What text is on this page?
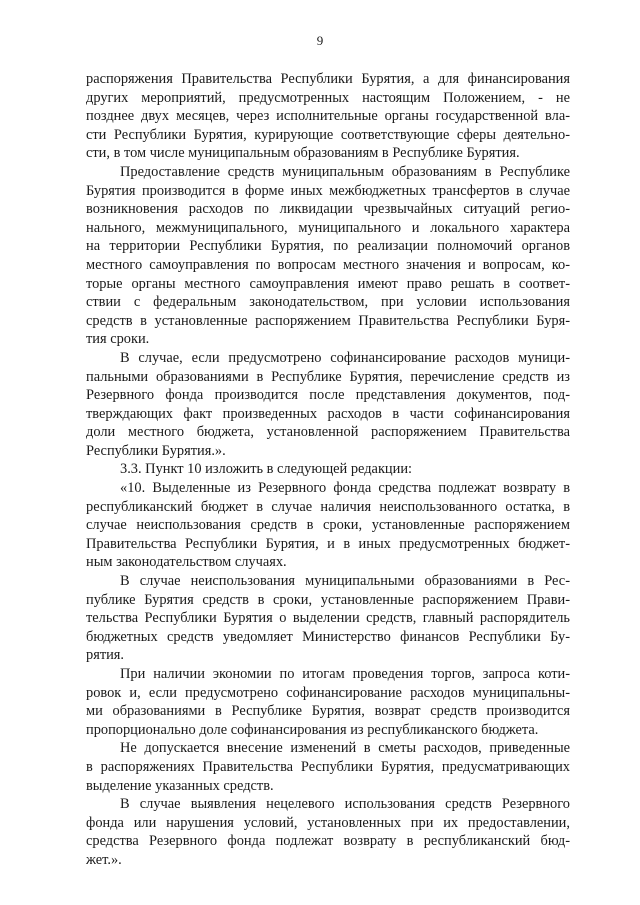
9
распоряжения Правительства Республики Бурятия, а для финансирования
других мероприятий, предусмотренных настоящим Положением, - не
позднее двух месяцев, через исполнительные органы государственной вла-
сти Республики Бурятия, курирующие соответствующие сферы деятельно-
сти, в том числе муниципальным образованиям в Республике Бурятия.
Предоставление средств муниципальным образованиям в Республике
Бурятия производится в форме иных межбюджетных трансфертов в случае
возникновения расходов по ликвидации чрезвычайных ситуаций регио-
нального, межмуниципального, муниципального и локального характера
на территории Республики Бурятия, по реализации полномочий органов
местного самоуправления по вопросам местного значения и вопросам, ко-
торые органы местного самоуправления имеют право решать в соответ-
ствии с федеральным законодательством, при условии использования
средств в установленные распоряжением Правительства Республики Буря-
тия сроки.
В случае, если предусмотрено софинансирование расходов муници-
пальными образованиями в Республике Бурятия, перечисление средств из
Резервного фонда производится после представления документов, под-
тверждающих факт произведенных расходов в части софинансирования
доли местного бюджета, установленной распоряжением Правительства
Республики Бурятия.».
3.3. Пункт 10 изложить в следующей редакции:
«10. Выделенные из Резервного фонда средства подлежат возврату в
республиканский бюджет в случае наличия неиспользованного остатка, в
случае неиспользования средств в сроки, установленные распоряжением
Правительства Республики Бурятия, и в иных предусмотренных бюджет-
ным законодательством случаях.
В случае неиспользования муниципальными образованиями в Рес-
публике Бурятия средств в сроки, установленные распоряжением Прави-
тельства Республики Бурятия о выделении средств, главный распорядитель
бюджетных средств уведомляет Министерство финансов Республики Бу-
рятия.
При наличии экономии по итогам проведения торгов, запроса коти-
ровок и, если предусмотрено софинансирование расходов муниципальны-
ми образованиями в Республике Бурятия, возврат средств производится
пропорционально доле софинансирования из республиканского бюджета.
Не допускается внесение изменений в сметы расходов, приведенные
в распоряжениях Правительства Республики Бурятия, предусматривающих
выделение указанных средств.
В случае выявления нецелевого использования средств Резервного
фонда или нарушения условий, установленных при их предоставлении,
средства Резервного фонда подлежат возврату в республиканский бюд-
жет.».
